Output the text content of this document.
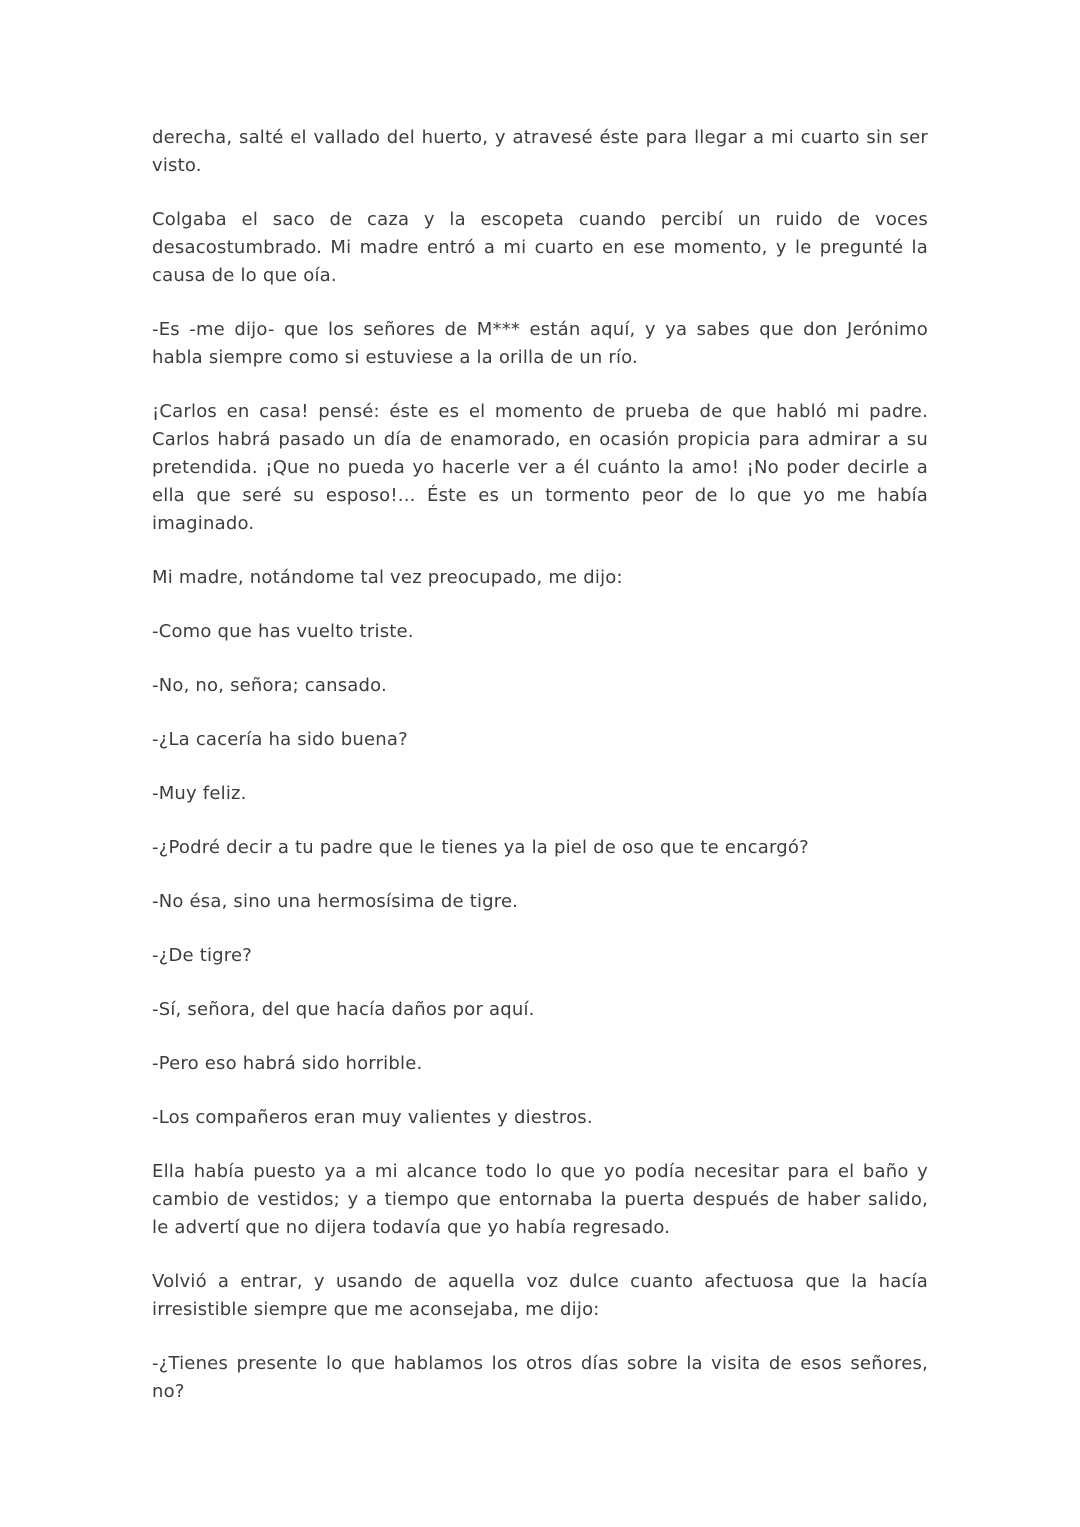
derecha, salté el vallado del huerto, y atravesé éste para llegar a mi cuarto sin ser visto.

Colgaba el saco de caza y la escopeta cuando percibí un ruido de voces desacostumbrado. Mi madre entró a mi cuarto en ese momento, y le pregunté la causa de lo que oía.

-Es -me dijo- que los señores de M*** están aquí, y ya sabes que don Jerónimo habla siempre como si estuviese a la orilla de un río.

¡Carlos en casa! pensé: éste es el momento de prueba de que habló mi padre. Carlos habrá pasado un día de enamorado, en ocasión propicia para admirar a su pretendida. ¡Que no pueda yo hacerle ver a él cuánto la amo! ¡No poder decirle a ella que seré su esposo!... Éste es un tormento peor de lo que yo me había imaginado.

Mi madre, notándome tal vez preocupado, me dijo:

-Como que has vuelto triste.

-No, no, señora; cansado.

-¿La cacería ha sido buena?

-Muy feliz.

-¿Podré decir a tu padre que le tienes ya la piel de oso que te encargó?

-No ésa, sino una hermosísima de tigre.

-¿De tigre?

-Sí, señora, del que hacía daños por aquí.

-Pero eso habrá sido horrible.

-Los compañeros eran muy valientes y diestros.

Ella había puesto ya a mi alcance todo lo que yo podía necesitar para el baño y cambio de vestidos; y a tiempo que entornaba la puerta después de haber salido, le advertí que no dijera todavía que yo había regresado.

Volvió a entrar, y usando de aquella voz dulce cuanto afectuosa que la hacía irresistible siempre que me aconsejaba, me dijo:

-¿Tienes presente lo que hablamos los otros días sobre la visita de esos señores, no?
